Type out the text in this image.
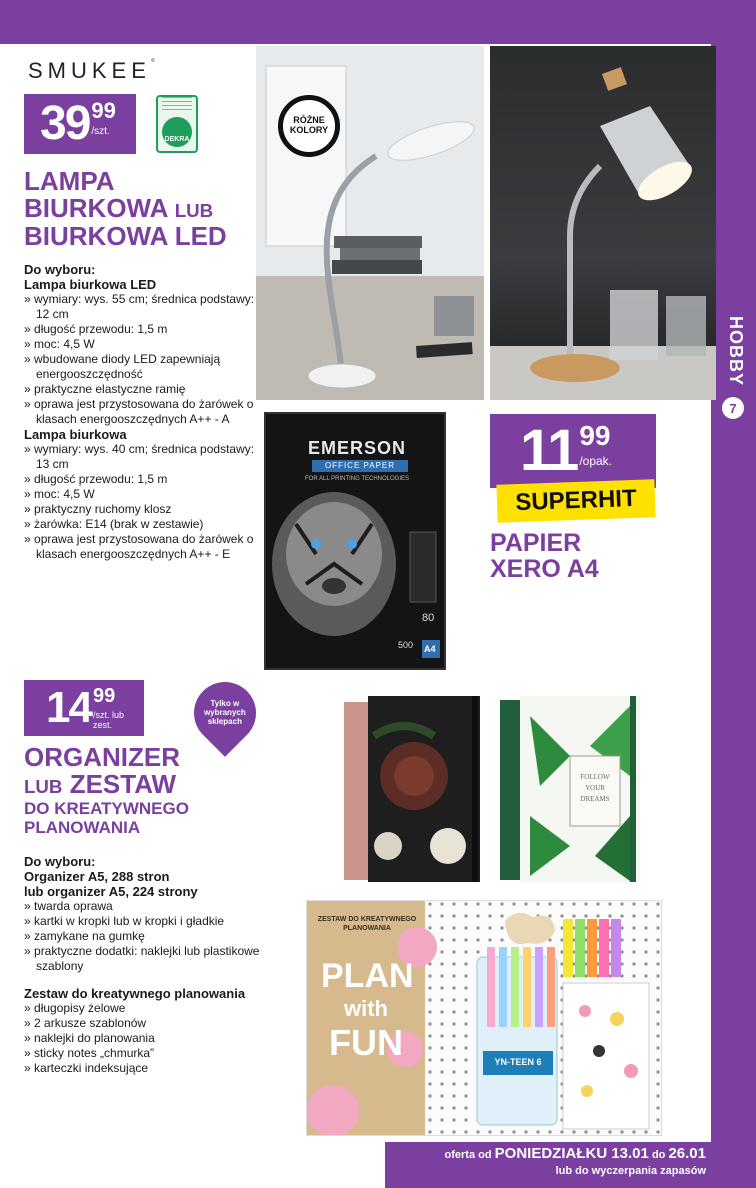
HOBBY
7
SMUKEE°
39 99
/szt.
DEKRA
LAMPA
BIURKOWA LUB
BIURKOWA LED
Do wyboru:
Lampa biurkowa LED
» wymiary: wys. 55 cm; średnica podstawy: 12 cm
» długość przewodu: 1,5 m
» moc: 4,5 W
» wbudowane diody LED zapewniają energooszczędność
» praktyczne elastyczne ramię
» oprawa jest przystosowana do żarówek o klasach energooszczędnych A++ - A
Lampa biurkowa
» wymiary: wys. 40 cm; średnica podstawy: 13 cm
» długość przewodu: 1,5 m
» moc: 4,5 W
» praktyczny ruchomy klosz
» żarówka: E14 (brak w zestawie)
» oprawa jest przystosowana do żarówek o klasach energooszczędnych A++ - E
RÓŻNE KOLORY
EMERSON
OFFICE PAPER
FOR ALL PRINTING TECHNOLOGIES
80
500 A4
11 99
/opak.
SUPERHIT
PAPIER
XERO A4
14 99
/szt. lub zest.
Tylko w wybranych sklepach
ORGANIZER
LUB ZESTAW
DO KREATYWNEGO
PLANOWANIA
Do wyboru:
Organizer A5, 288 stron
lub organizer A5, 224 strony
» twarda oprawa
» kartki w kropki lub w kropki i gładkie
» zamykane na gumkę
» praktyczne dodatki: naklejki lub plastikowe szablony
Zestaw do kreatywnego planowania
» długopisy żelowe
» 2 arkusze szablonów
» naklejki do planowania
» sticky notes „chmurka”
» karteczki indeksujące
FOLLOW YOUR DREAMS
ZESTAW DO KREATYWNEGO PLANOWANIA
PLAN
with
FUN	YN-TEEN 6
oferta od PONIEDZIAŁKU 13.01 do 26.01
lub do wyczerpania zapasów
